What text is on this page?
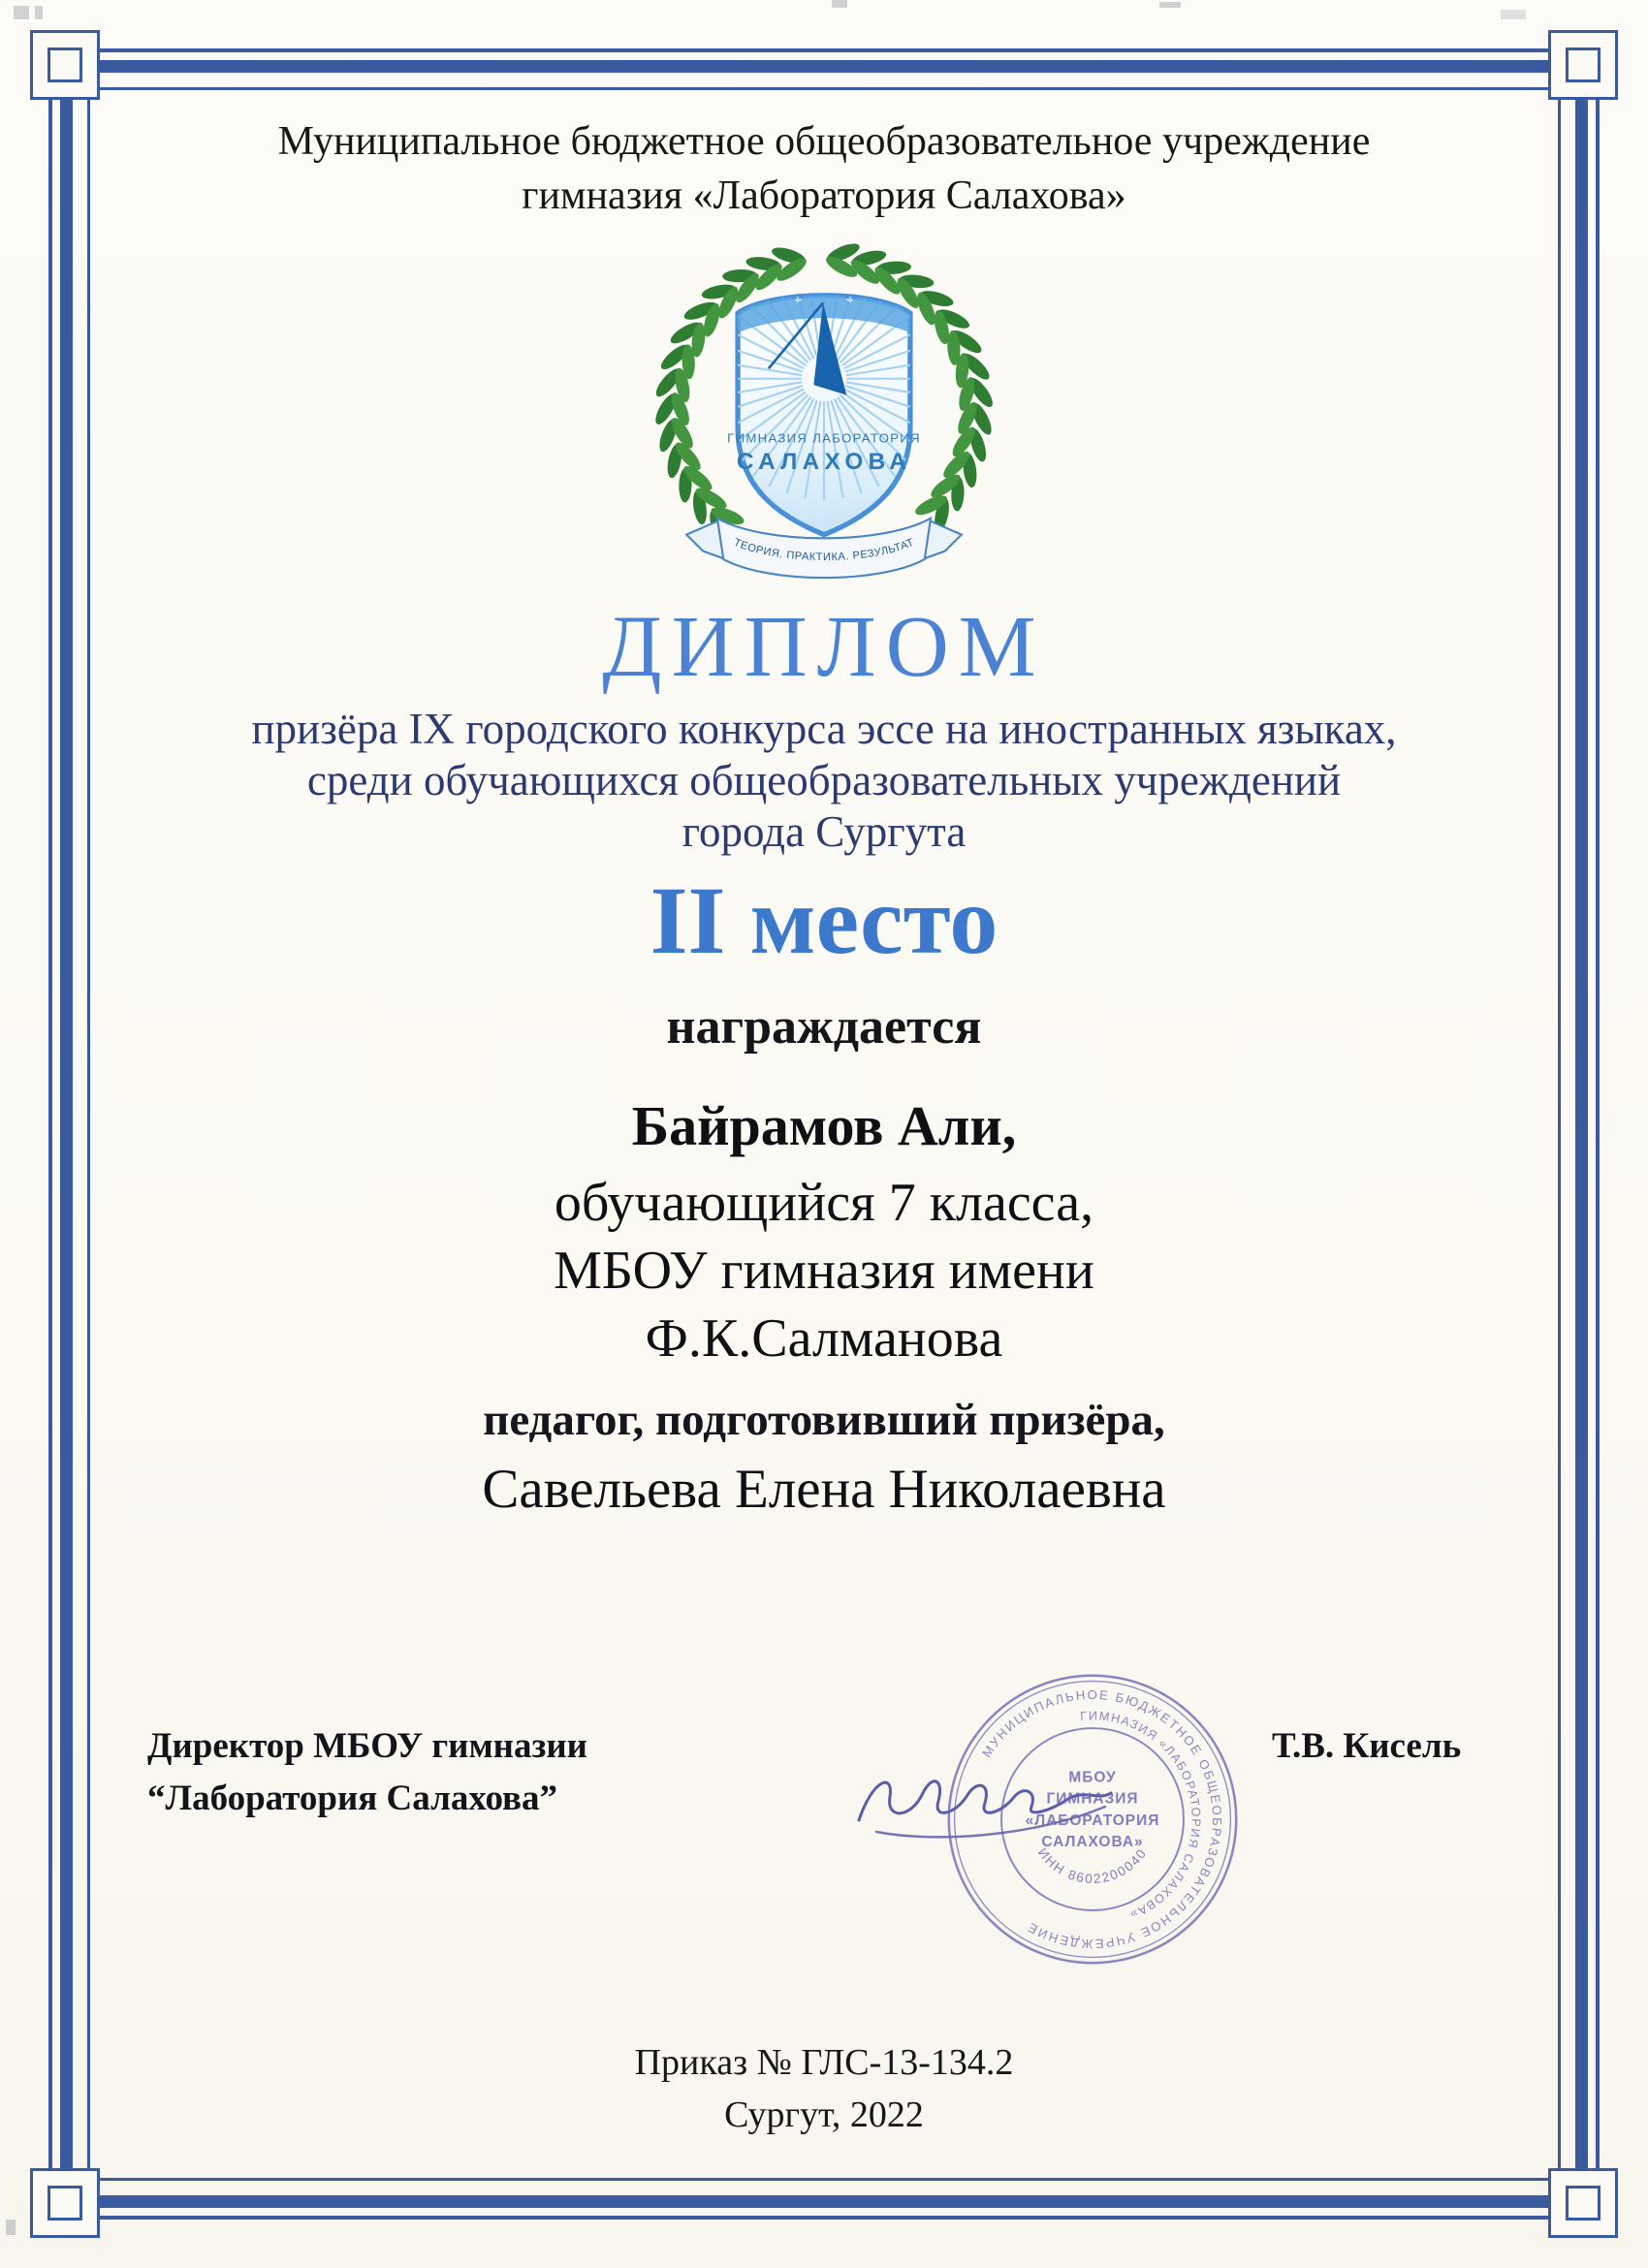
Муниципальное бюджетное общеобразовательное учреждение
гимназия «Лаборатория Салахова»
ГИМНАЗИЯ ЛАБОРАТОРИЯ
САЛАХОВА
ТЕОРИЯ. ПРАКТИКА. РЕЗУЛЬТАТ
ДИПЛОМ
призёра IX городского конкурса эссе на иностранных языках,
среди обучающихся общеобразовательных учреждений
города Сургута
II место
награждается
Байрамов Али,
обучающийся 7 класса,
МБОУ гимназия имени
Ф.К.Салманова
педагог, подготовивший призёра,
Савельева Елена Николаевна
Директор МБОУ гимназии
“Лаборатория Салахова”
Т.В. Кисель
МУНИЦИПАЛЬНОЕ БЮДЖЕТНОЕ ОБЩЕОБРАЗОВАТЕЛЬНОЕ УЧРЕЖДЕНИЕ
ГИМНАЗИЯ «ЛАБОРАТОРИЯ САЛАХОВА»
МБОУ
ГИМНАЗИЯ
«ЛАБОРАТОРИЯ
САЛАХОВА»
ИНН 8602200040
Приказ № ГЛС-13-134.2
Сургут, 2022
